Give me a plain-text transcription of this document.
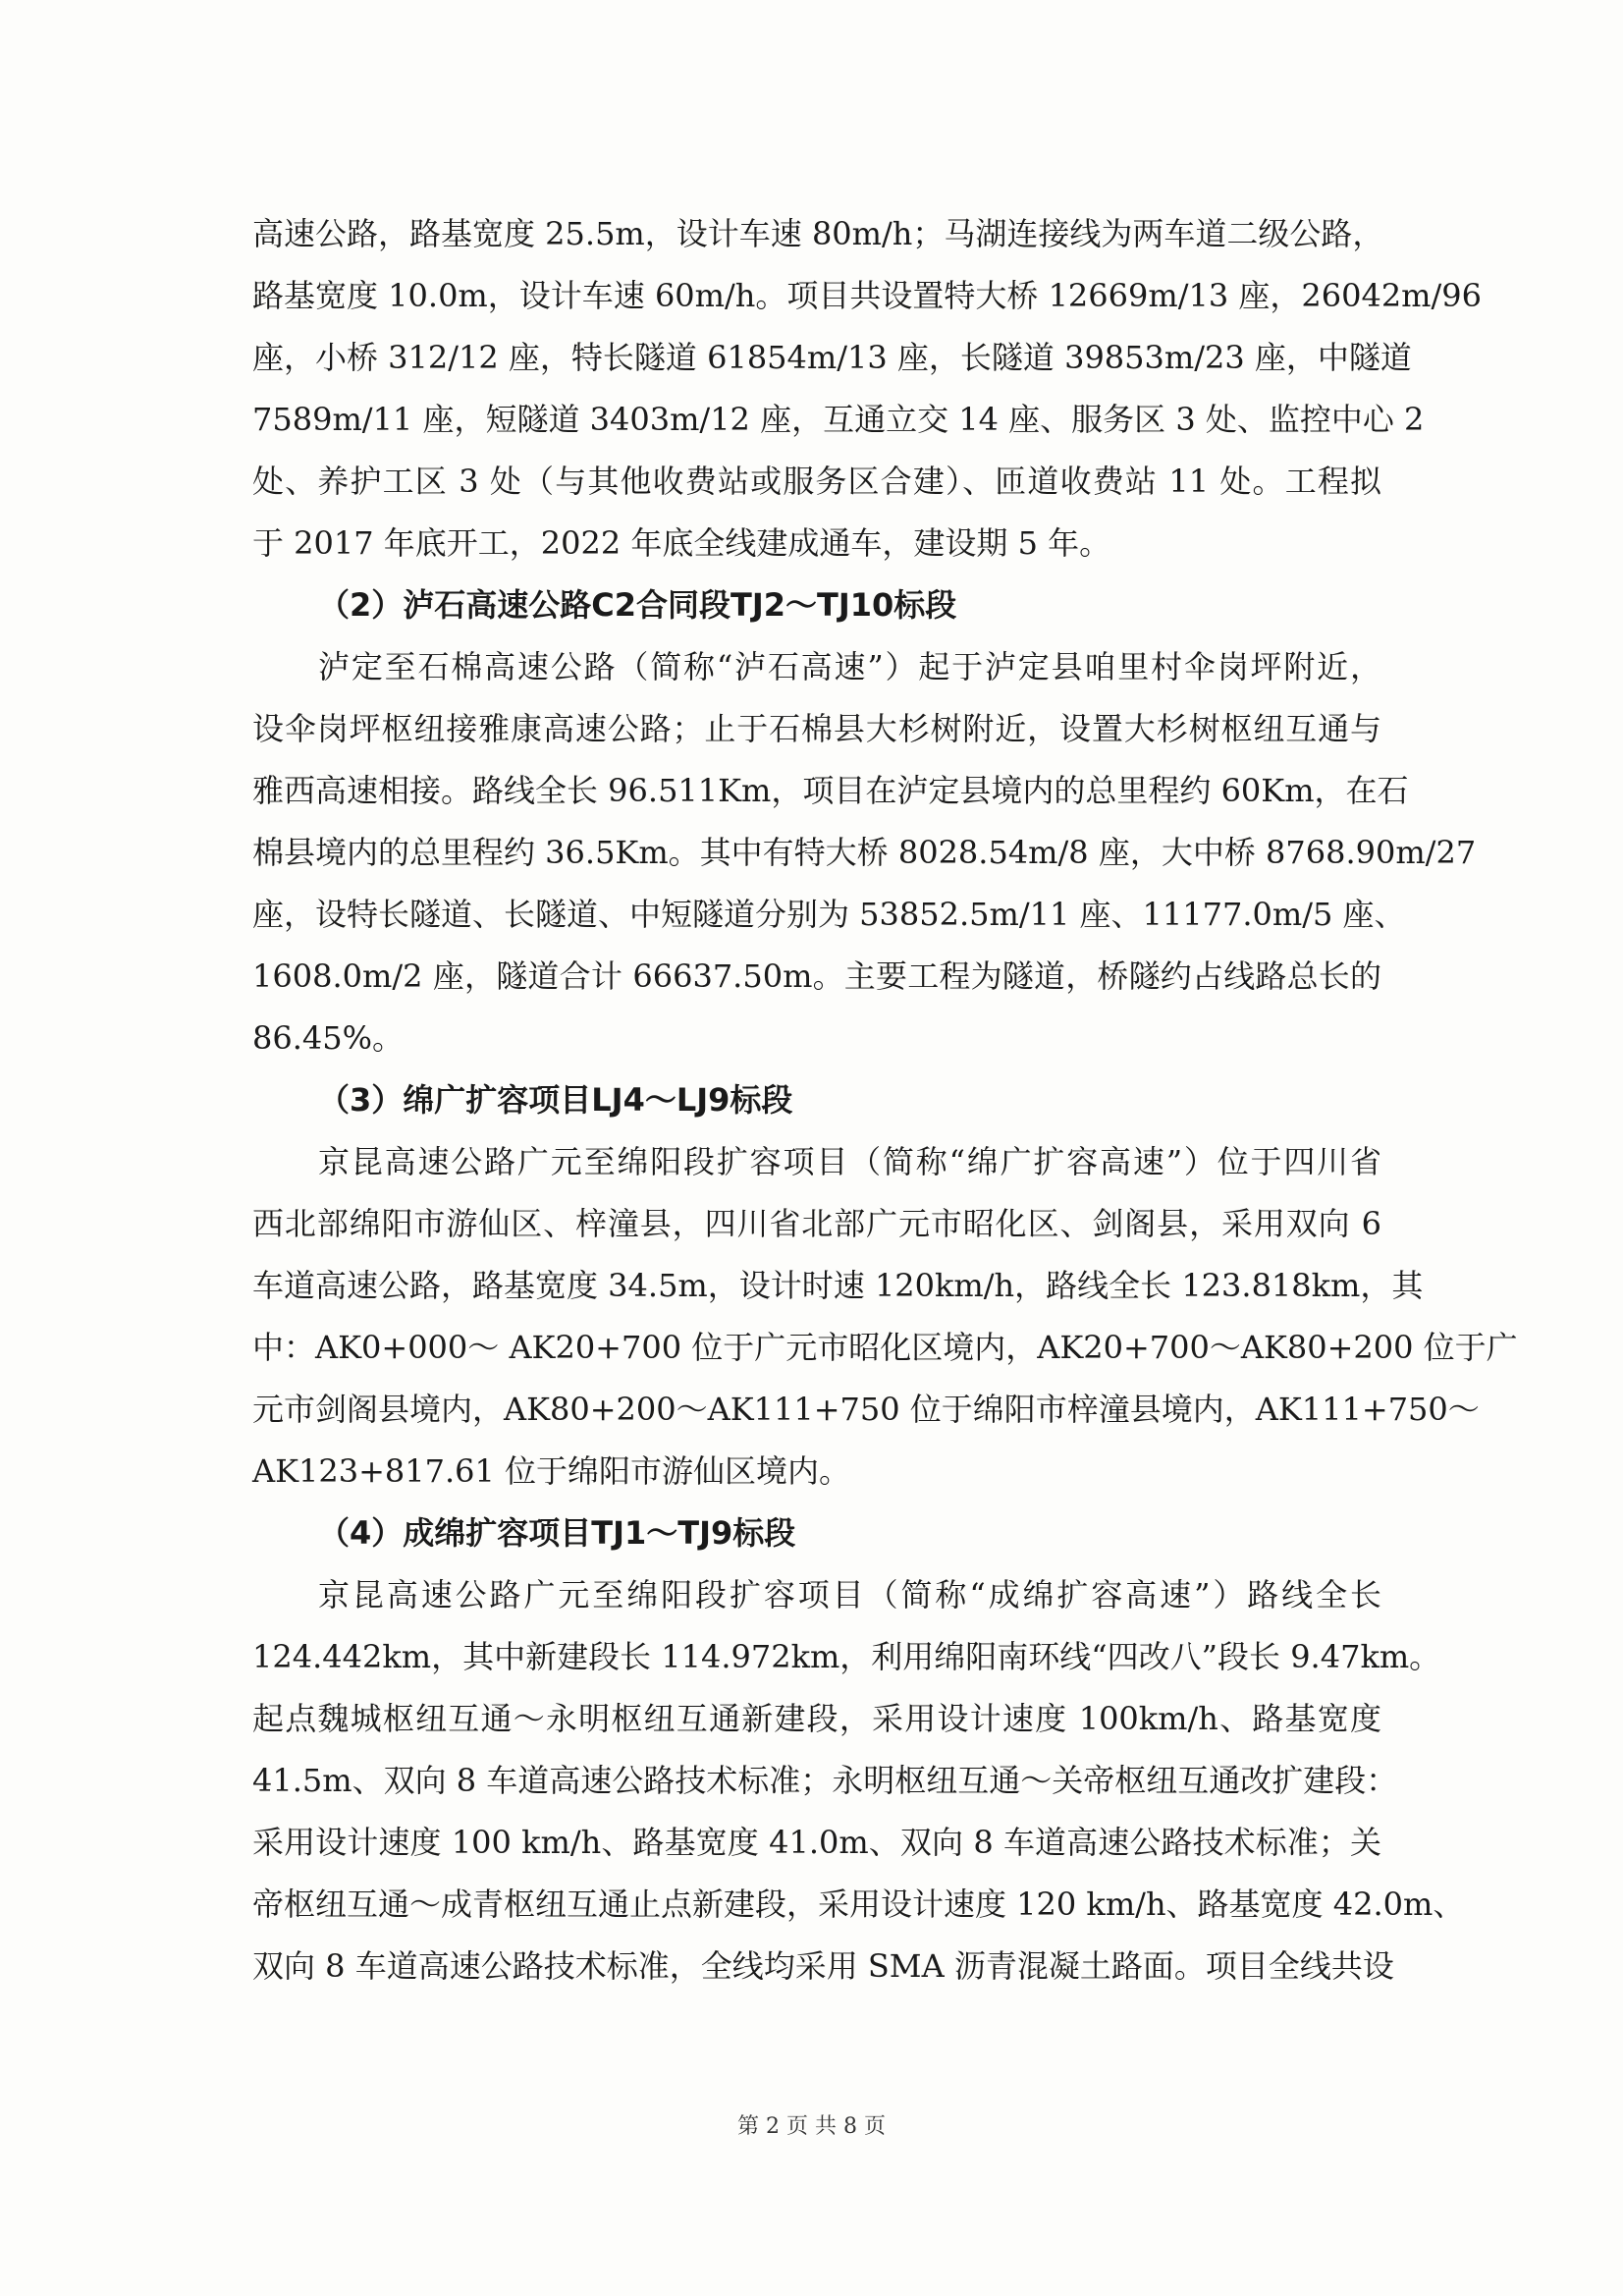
高速公路，路基宽度 25.5m，设计车速 80m/h；马湖连接线为两车道二级公路，
路基宽度 10.0m，设计车速 60m/h。项目共设置特大桥 12669m/13 座，26042m/96
座，小桥 312/12 座，特长隧道 61854m/13 座，长隧道 39853m/23 座，中隧道
7589m/11 座，短隧道 3403m/12 座，互通立交 14 座、服务区 3 处、监控中心 2
处、养护工区 3 处（与其他收费站或服务区合建）、匝道收费站 11 处。工程拟
于 2017 年底开工，2022 年底全线建成通车，建设期 5 年。
（2）泸石高速公路C2合同段TJ2～TJ10标段
泸定至石棉高速公路（简称“泸石高速”）起于泸定县咱里村伞岗坪附近，
设伞岗坪枢纽接雅康高速公路；止于石棉县大杉树附近，设置大杉树枢纽互通与
雅西高速相接。路线全长 96.511Km，项目在泸定县境内的总里程约 60Km，在石
棉县境内的总里程约 36.5Km。其中有特大桥 8028.54m/8 座，大中桥 8768.90m/27
座，设特长隧道、长隧道、中短隧道分别为 53852.5m/11 座、11177.0m/5 座、
1608.0m/2 座，隧道合计 66637.50m。主要工程为隧道，桥隧约占线路总长的
86.45%。
（3）绵广扩容项目LJ4～LJ9标段
京昆高速公路广元至绵阳段扩容项目（简称“绵广扩容高速”）位于四川省
西北部绵阳市游仙区、梓潼县，四川省北部广元市昭化区、剑阁县，采用双向 6
车道高速公路，路基宽度 34.5m，设计时速 120km/h，路线全长 123.818km，其
中：AK0+000～ AK20+700 位于广元市昭化区境内，AK20+700～AK80+200 位于广
元市剑阁县境内，AK80+200～AK111+750 位于绵阳市梓潼县境内，AK111+750～
AK123+817.61 位于绵阳市游仙区境内。
（4）成绵扩容项目TJ1～TJ9标段
京昆高速公路广元至绵阳段扩容项目（简称“成绵扩容高速”）路线全长
124.442km，其中新建段长 114.972km，利用绵阳南环线“四改八”段长 9.47km。
起点魏城枢纽互通～永明枢纽互通新建段，采用设计速度 100km/h、路基宽度
41.5m、双向 8 车道高速公路技术标准；永明枢纽互通～关帝枢纽互通改扩建段：
采用设计速度 100 km/h、路基宽度 41.0m、双向 8 车道高速公路技术标准；关
帝枢纽互通～成青枢纽互通止点新建段，采用设计速度 120 km/h、路基宽度 42.0m、
双向 8 车道高速公路技术标准，全线均采用 SMA 沥青混凝土路面。项目全线共设
第 2 页 共 8 页
